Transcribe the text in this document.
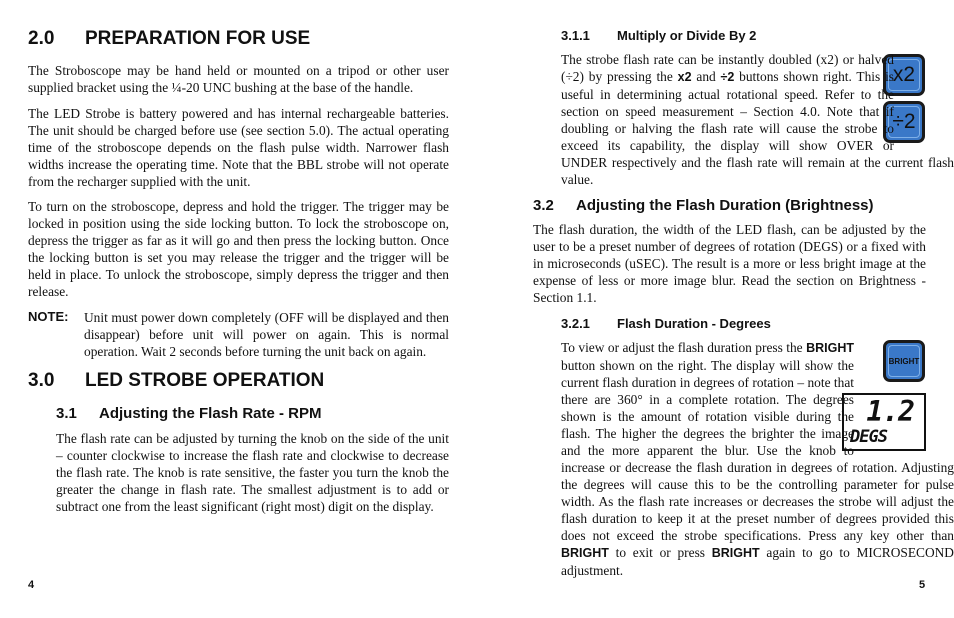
2.0 PREPARATION FOR USE

The Stroboscope may be hand held or mounted on a tripod or other user supplied bracket using the ¼-20 UNC bushing at the base of the handle.

The LED Strobe is battery powered and has internal rechargeable batteries. The unit should be charged before use (see section 5.0). The actual operating time of the stroboscope depends on the flash pulse width. Narrower flash widths increase the operating time. Note that the BBL strobe will not operate from the recharger supplied with the unit.

To turn on the stroboscope, depress and hold the trigger. The trigger may be locked in position using the side locking button. To lock the stroboscope on, depress the trigger as far as it will go and then press the locking button. Once the locking button is set you may release the trigger and the trigger will be held in place. To unlock the stroboscope, simply depress the trigger and then release.

NOTE: Unit must power down completely (OFF will be displayed and then disappear) before unit will power on again. This is normal operation. Wait 2 seconds before turning the unit back on again.

3.0 LED STROBE OPERATION
3.1 Adjusting the Flash Rate - RPM

The flash rate can be adjusted by turning the knob on the side of the unit – counter clockwise to increase the flash rate and clockwise to decrease the flash rate. The knob is rate sensitive, the faster you turn the knob the greater the change in flash rate. The smallest adjustment is to add or subtract one from the least significant (right most) digit on the display.

4
3.1.1 Multiply or Divide By 2
x2
÷2

The strobe flash rate can be instantly doubled (x2) or halved (÷2) by pressing the x2 and ÷2 buttons shown right. This is useful in determining actual rotational speed. Refer to the section on speed measurement – Section 4.0. Note that if doubling or halving the flash rate will cause the strobe to exceed its capability, the display will show OVER or UNDER respectively and the flash rate will remain at the current flash value.

3.2 Adjusting the Flash Duration (Brightness)

The flash duration, the width of the LED flash, can be adjusted by the user to be a preset number of degrees of rotation (DEGS) or a fixed with in microseconds (uSEC). The result is a more or less bright image at the expense of less or more image blur. Read the section on Brightness - Section 1.1.

3.2.1 Flash Duration - Degrees
BRIGHT
1.2
DEGS

To view or adjust the flash duration press the BRIGHT button shown on the right. The display will show the current flash duration in degrees of rotation – note that there are 360° in a complete rotation. The degrees shown is the amount of rotation visible during the flash. The higher the degrees the brighter the image and the more apparent the blur. Use the knob to increase or decrease the flash duration in degrees of rotation. Adjusting the degrees will cause this to be the controlling parameter for pulse width. As the flash rate increases or decreases the strobe will adjust the flash duration to keep it at the preset number of degrees provided this does not exceed the strobe specifications. Press any key other than BRIGHT to exit or press BRIGHT again to go to MICROSECOND adjustment.

5
